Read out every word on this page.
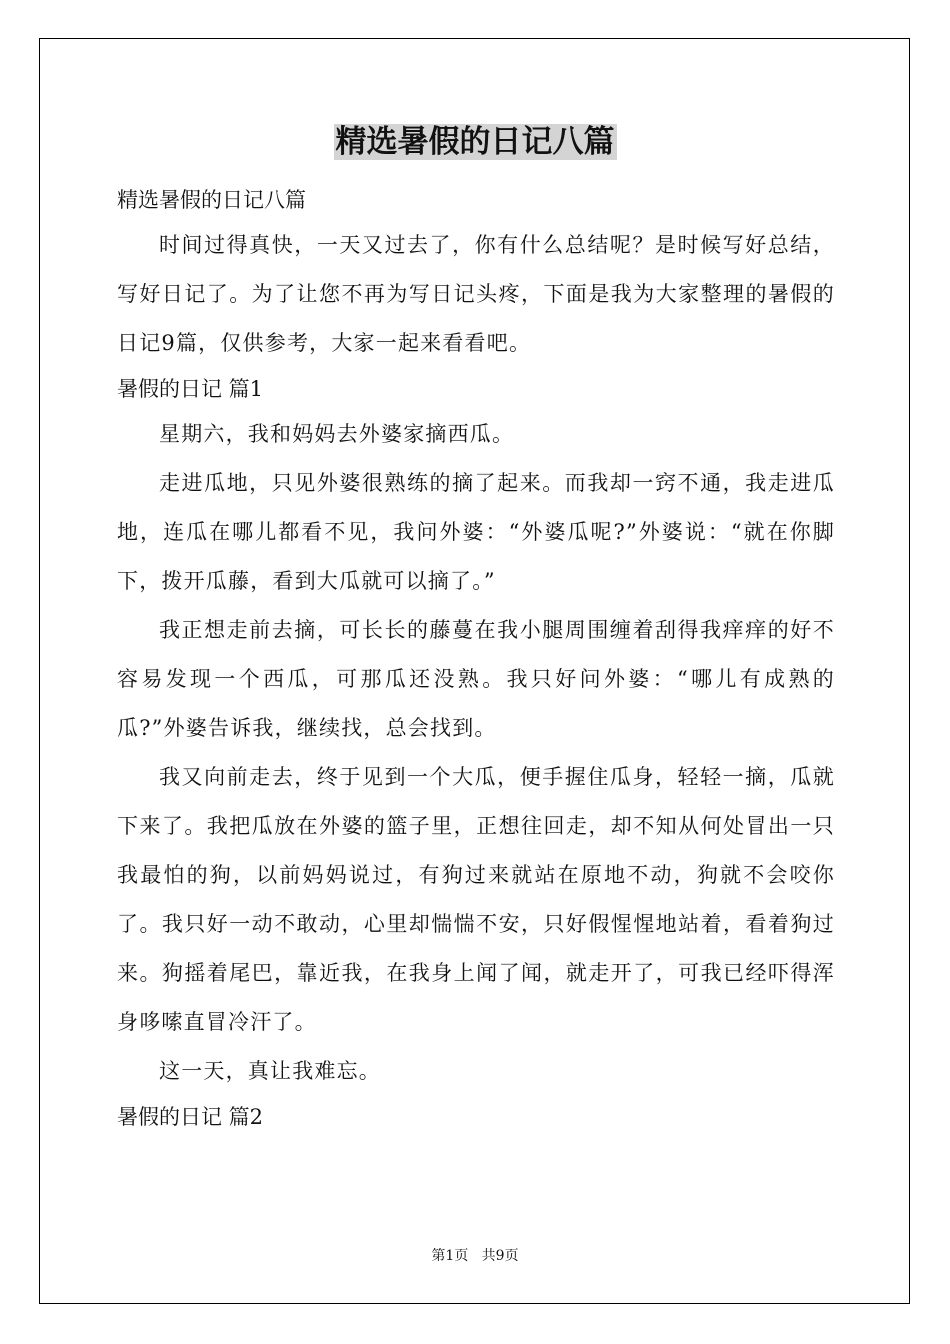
精选暑假的日记八篇

精选暑假的日记八篇

时间过得真快，一天又过去了，你有什么总结呢？是时候写好总结，写好日记了。为了让您不再为写日记头疼，下面是我为大家整理的暑假的日记9篇，仅供参考，大家一起来看看吧。

暑假的日记 篇1

星期六，我和妈妈去外婆家摘西瓜。

走进瓜地，只见外婆很熟练的摘了起来。而我却一窍不通，我走进瓜地，连瓜在哪儿都看不见，我问外婆：“外婆瓜呢?”外婆说：“就在你脚下，拨开瓜藤，看到大瓜就可以摘了。”

我正想走前去摘，可长长的藤蔓在我小腿周围缠着刮得我痒痒的好不容易发现一个西瓜，可那瓜还没熟。我只好问外婆：“哪儿有成熟的瓜?”外婆告诉我，继续找，总会找到。

我又向前走去，终于见到一个大瓜，便手握住瓜身，轻轻一摘，瓜就下来了。我把瓜放在外婆的篮子里，正想往回走，却不知从何处冒出一只我最怕的狗，以前妈妈说过，有狗过来就站在原地不动，狗就不会咬你了。我只好一动不敢动，心里却惴惴不安，只好假惺惺地站着，看着狗过来。狗摇着尾巴，靠近我，在我身上闻了闻，就走开了，可我已经吓得浑身哆嗦直冒冷汗了。

这一天，真让我难忘。

暑假的日记 篇2

第1页   共9页
